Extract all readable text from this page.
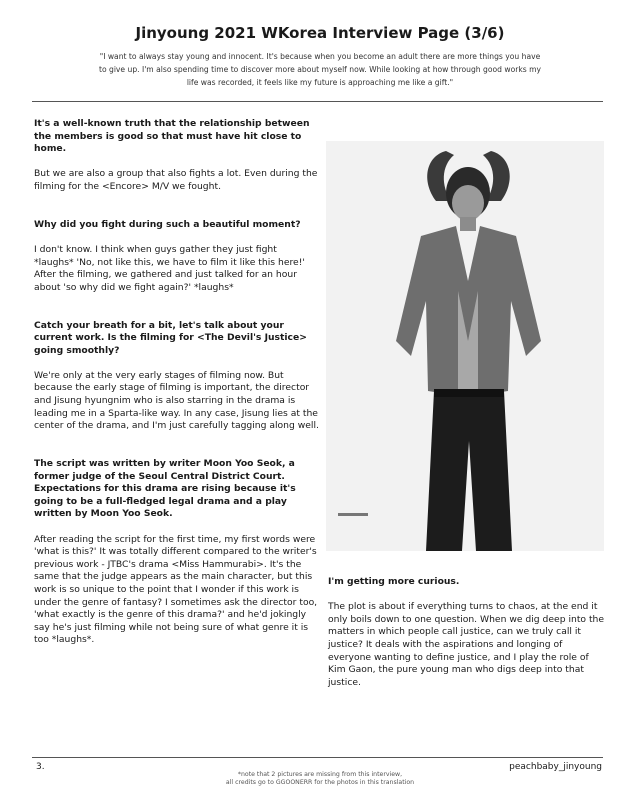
Jinyoung 2021 WKorea Interview Page (3/6)
"I want to always stay young and innocent. It's because when you become an adult there are more things you have to give up. I'm also spending time to discover more about myself now. While looking at how through good works my life was recorded, it feels like my future is approaching me like a gift."

It's a well-known truth that the relationship between the members is good so that must have hit close to home.

But we are also a group that also fights a lot. Even during the filming for the <Encore> M/V we fought.

Why did you fight during such a beautiful moment?

I don't know. I think when guys gather they just fight *laughs* 'No, not like this, we have to film it like this here!' After the filming, we gathered and just talked for an hour about 'so why did we fight again?' *laughs*

Catch your breath for a bit, let's talk about your current work. Is the filming for <The Devil's Justice> going smoothly?

We're only at the very early stages of filming now. But because the early stage of filming is important, the director and Jisung hyungnim who is also starring in the drama is leading me in a Sparta-like way. In any case, Jisung lies at the center of the drama, and I'm just carefully tagging along well.

The script was written by writer Moon Yoo Seok, a former judge of the Seoul Central District Court. Expectations for this drama are rising because it's going to be a full-fledged legal drama and a play written by Moon Yoo Seok.

After reading the script for the first time, my first words were 'what is this?' It was totally different compared to the writer's previous work - JTBC's drama <Miss Hammurabi>. It's the same that the judge appears as the main character, but this work is so unique to the point that I wonder if this work is under the genre of fantasy? I sometimes ask the director too, 'what exactly is the genre of this drama?' and he'd jokingly say he's just filming while not being sure of what genre it is too *laughs*.

I'm getting more curious.

The plot is about if everything turns to chaos, at the end it only boils down to one question. When we dig deep into the matters in which people call justice, can we truly call it justice? It deals with the aspirations and longing of everyone wanting to define justice, and I play the role of Kim Gaon, the pure young man who digs deep into that justice.

3.	peachbaby_jinyoung
*note that 2 pictures are missing from this interview,
all credits go to GGOONERR for the photos in this translation
